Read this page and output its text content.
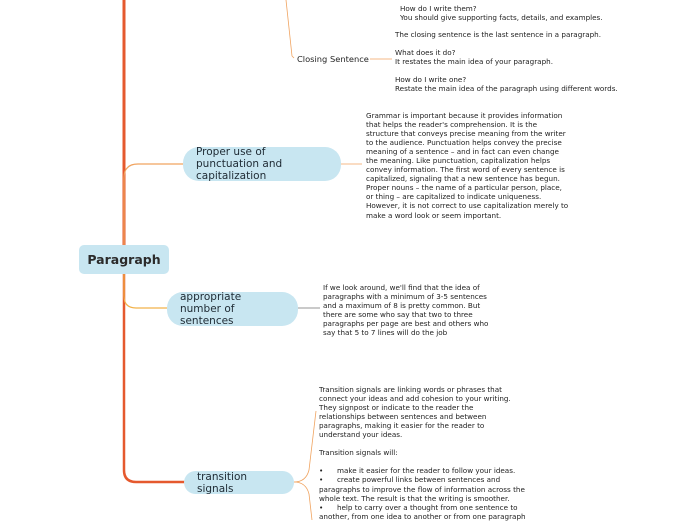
Paragraph
How do I write them?
You should give supporting facts, details, and examples.
Closing Sentence
The closing sentence is the last sentence in a paragraph.

What does it do?
It restates the main idea of your paragraph.

How do I write one?
Restate the main idea of the paragraph using different words.
Proper use of punctuation and capitalization
Grammar is important because it provides information
that helps the reader's comprehension. It is the
structure that conveys precise meaning from the writer
to the audience. Punctuation helps convey the precise
meaning of a sentence – and in fact can even change
the meaning. Like punctuation, capitalization helps
convey information. The first word of every sentence is
capitalized, signaling that a new sentence has begun.
Proper nouns – the name of a particular person, place,
or thing – are capitalized to indicate uniqueness.
However, it is not correct to use capitalization merely to
make a word look or seem important.
appropriate number of sentences
If we look around, we'll find that the idea of
paragraphs with a minimum of 3-5 sentences
and a maximum of 8 is pretty common. But
there are some who say that two to three
paragraphs per page are best and others who
say that 5 to 7 lines will do the job
transition signals
Transition signals are linking words or phrases that
connect your ideas and add cohesion to your writing.
They signpost or indicate to the reader the
relationships between sentences and between
paragraphs, making it easier for the reader to
understand your ideas.

Transition signals will:

•      make it easier for the reader to follow your ideas.
•      create powerful links between sentences and
paragraphs to improve the flow of information across the
whole text. The result is that the writing is smoother.
•      help to carry over a thought from one sentence to
another, from one idea to another or from one paragraph
